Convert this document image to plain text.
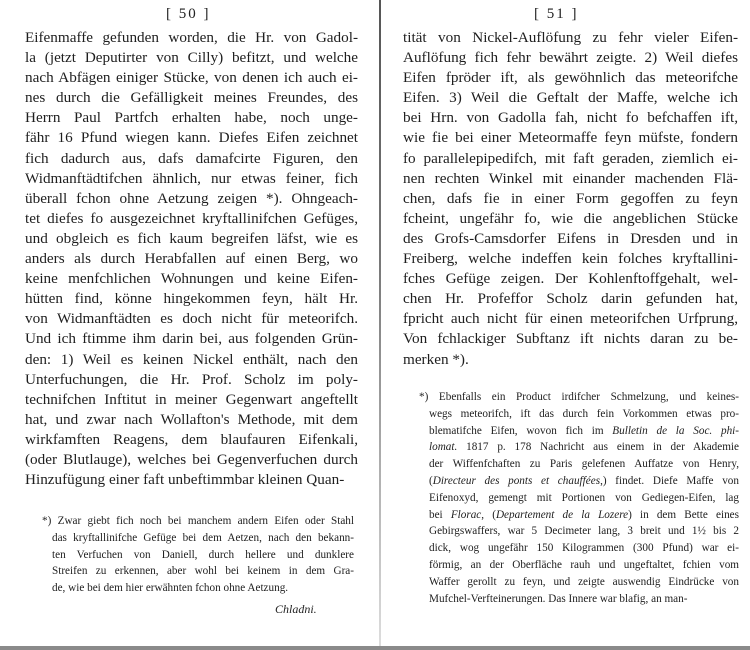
[ 50 ]
Eifenmaffe gefunden worden, die Hr. von Gadol-
la (jetzt Deputirter von Cilly) befitzt, und welche
nach Abfägen einiger Stücke, von denen ich auch ei-
nes durch die Gefälligkeit meines Freundes, des
Herrn Paul Partfch erhalten habe, noch unge-
fähr 16 Pfund wiegen kann. Diefes Eifen zeichnet
fich dadurch aus, dafs damafcirte Figuren, den
Widmanftädtifchen ähnlich, nur etwas feiner, fich
überall fchon ohne Aetzung zeigen *). Ohngeach-
tet diefes fo ausgezeichnet kryftallinifchen Gefüges,
und obgleich es fich kaum begreifen läfst, wie es
anders als durch Herabfallen auf einen Berg, wo
keine menfchlichen Wohnungen und keine Eifen-
hütten find, könne hingekommen feyn, hält Hr.
von Widmanftädten es doch nicht für meteorifch.
Und ich ftimme ihm darin bei, aus folgenden Grün-
den: 1) Weil es keinen Nickel enthält, nach den
Unterfuchungen, die Hr. Prof. Scholz im poly-
technifchen Inftitut in meiner Gegenwart angeftellt
hat, und zwar nach Wollafton's Methode, mit dem
wirkfamften Reagens, dem blaufauren Eifenkali,
(oder Blutlauge), welches bei Gegenverfuchen durch
Hinzufügung einer faft unbeftimmbar kleinen Quan-
*) Zwar giebt fich noch bei manchem andern Eifen oder Stahl
das kryftallinifche Gefüge bei dem Aetzen, nach den bekann-
ten Verfuchen von Daniell, durch hellere und dunklere
Streifen zu erkennen, aber wohl bei keinem in dem Gra-
de, wie bei dem hier erwähnten fchon ohne Aetzung.
Chladni.
[ 51 ]
tität von Nickel-Auflöfung zu fehr vieler Eifen-
Auflöfung fich fehr bewährt zeigte. 2) Weil diefes
Eifen fpröder ift, als gewöhnlich das meteorifche
Eifen. 3) Weil die Geftalt der Maffe, welche ich
bei Hrn. von Gadolla fah, nicht fo befchaffen ift,
wie fie bei einer Meteormaffe feyn müfste, fondern
fo parallelepipedifch, mit faft geraden, ziemlich ei-
nen rechten Winkel mit einander machenden Flä-
chen, dafs fie in einer Form gegoffen zu feyn
fcheint, ungefähr fo, wie die angeblichen Stücke
des Grofs-Camsdorfer Eifens in Dresden und in
Freiberg, welche indeffen kein folches kryftallini-
fches Gefüge zeigen. Der Kohlenftoffgehalt, wel-
chen Hr. Profeffor Scholz darin gefunden hat,
fpricht auch nicht für einen meteorifchen Urfprung,
Von fchlackiger Subftanz ift nichts daran zu be-
merken *).
*) Ebenfalls ein Product irdifcher Schmelzung, und keines-
wegs meteorifch, ift das durch fein Vorkommen etwas pro-
blematifche Eifen, wovon fich im Bulletin de la Soc. phi-
lomat. 1817 p. 178 Nachricht aus einem in der Akademie
der Wiffenfchaften zu Paris gelefenen Auffatze von Henry,
(Directeur des ponts et chauffées,) findet. Diefe Maffe von
Eifenoxyd, gemengt mit Portionen von Gediegen-Eifen, lag
bei Florac, (Departement de la Lozere) in dem Bette eines
Gebirgswaffers, war 5 Decimeter lang, 3 breit und 1½ bis 2
dick, wog ungefähr 150 Kilogrammen (300 Pfund) war ei-
förmig, an der Oberfläche rauh und ungeftaltet, fchien vom
Waffer gerollt zu feyn, und zeigte auswendig Eindrücke von
Mufchel-Verfteinerungen. Das Innere war blafig, an man-
